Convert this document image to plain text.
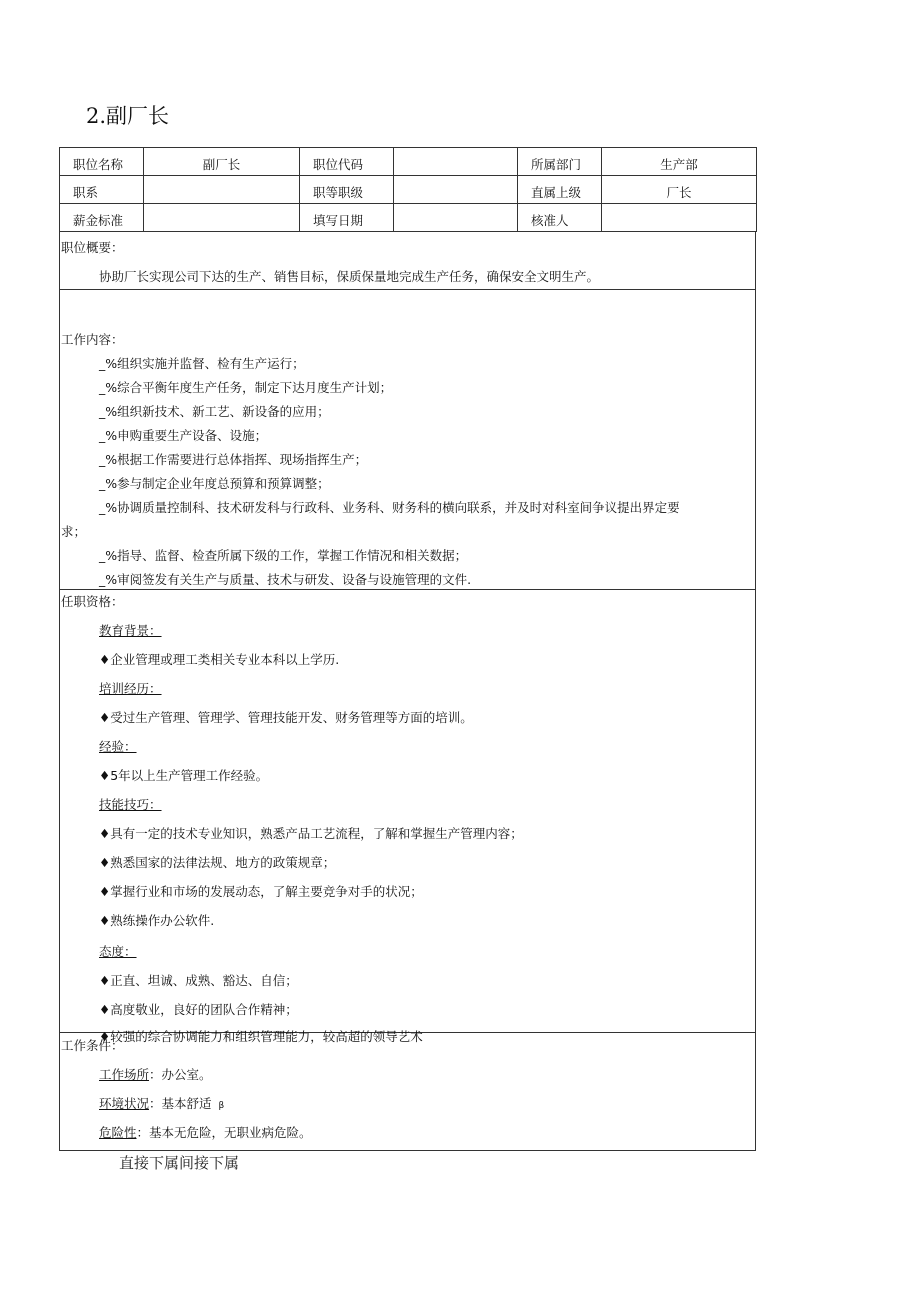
2.副厂长
职位名称	副厂长	职位代码		所属部门	生产部
职系		职等职级		直属上级	厂长
薪金标准		填写日期		核准人	
职位概要：
协助厂长实现公司下达的生产、销售目标，保质保量地完成生产任务，确保安全文明生产。
工作内容：
_%组织实施并监督、检有生产运行；
_%综合平衡年度生产任务，制定下达月度生产计划；
_%组织新技术、新工艺、新设备的应用；
_%申购重要生产设备、设施；
_%根据工作需要进行总体指挥、现场指挥生产；
_%参与制定企业年度总预算和预算调整；
_%协调质量控制科、技术研发科与行政科、业务科、财务科的横向联系，并及时对科室间争议提出界定要
求；
_%指导、监督、检查所属下级的工作，掌握工作情况和相关数据；
_%审阅签发有关生产与质量、技术与研发、设备与设施管理的文件.
任职资格：
教育背景：
♦企业管理或理工类相关专业本科以上学历.
培训经历：
♦受过生产管理、管理学、管理技能开发、财务管理等方面的培训。
经验：
♦5年以上生产管理工作经验。
技能技巧：
♦具有一定的技术专业知识，熟悉产品工艺流程，了解和掌握生产管理内容；
♦熟悉国家的法律法规、地方的政策规章；
♦掌握行业和市场的发展动态，了解主要竞争对手的状况；
♦熟练操作办公软件.
态度：
♦正直、坦诚、成熟、豁达、自信；
♦高度敬业，良好的团队合作精神；
♦较强的综合协调能力和组织管理能力，较高超的领导艺术
工作条件：
工作场所：办公室。
环境状况：基本舒适 β
危险性：基本无危险，无职业病危险。
直接下属间接下属
